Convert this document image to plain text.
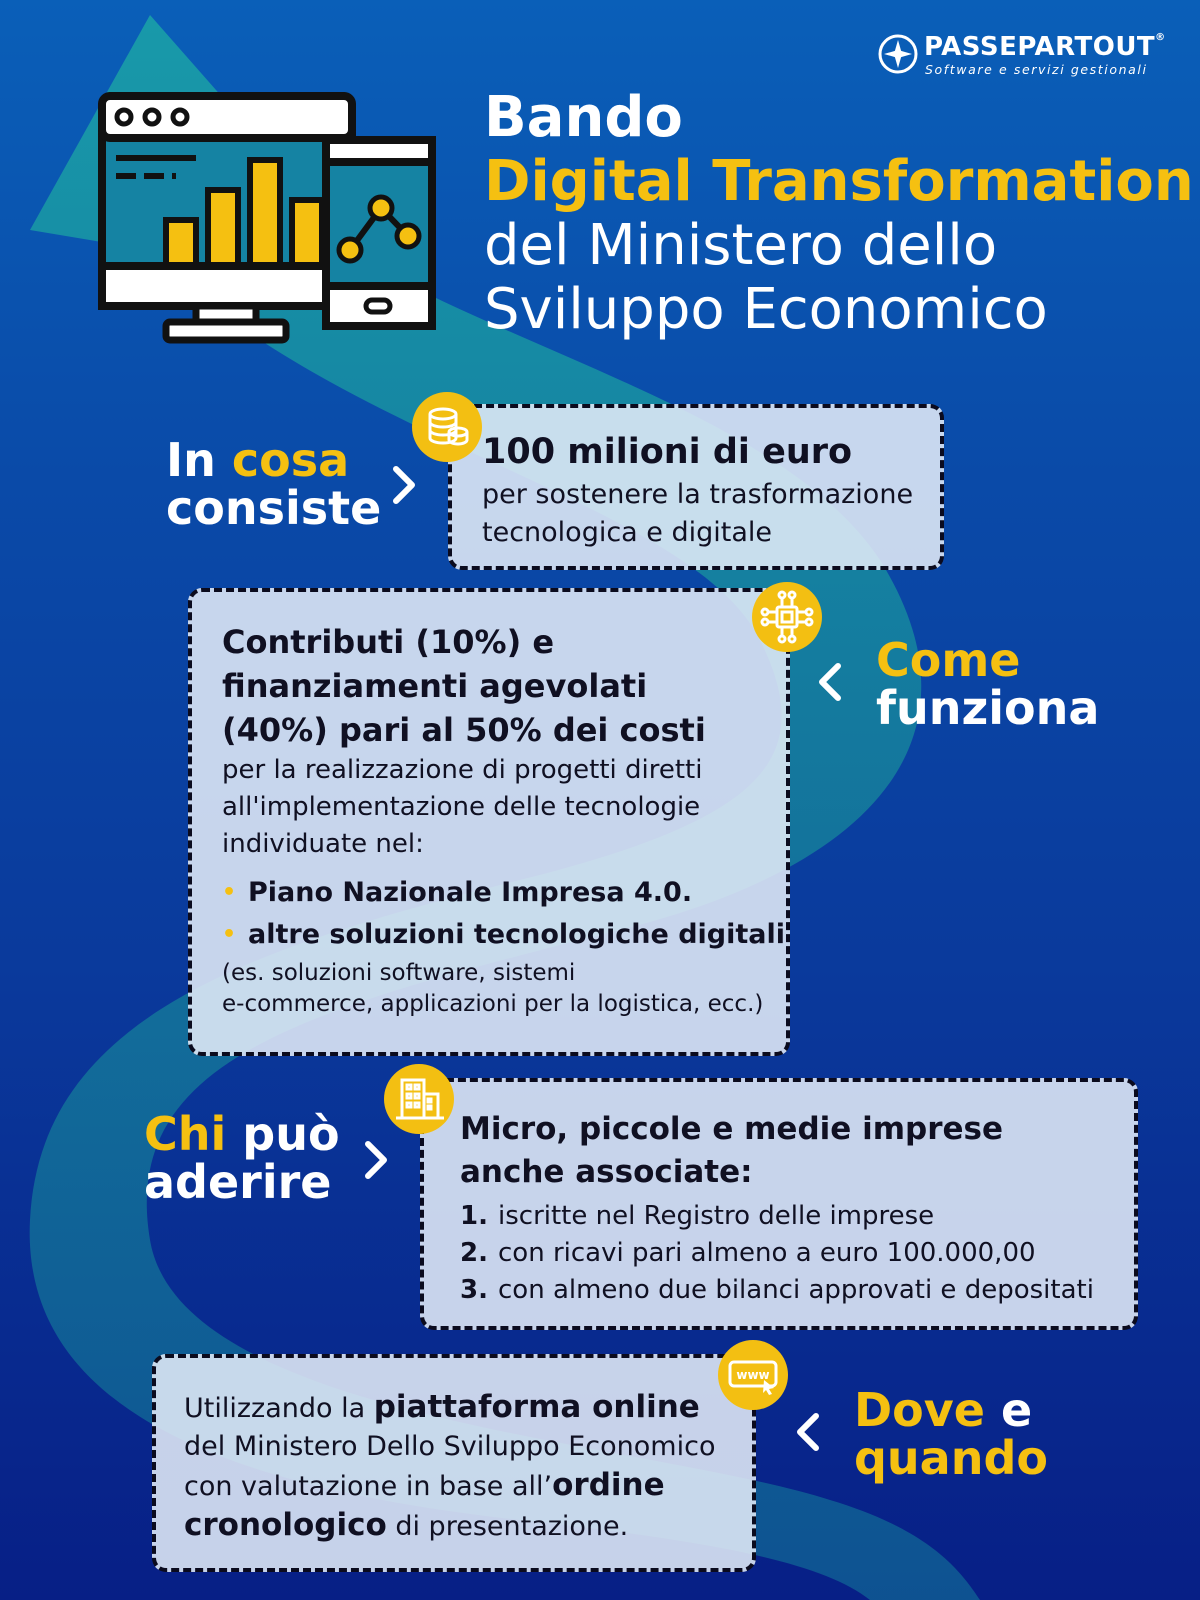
PASSEPARTOUT®
Software e servizi gestionali
Bando
Digital Transformation
del Ministero dello
Sviluppo Economico
In cosa
consiste
100 milioni di euro
per sostenere la trasformazione tecnologica e digitale
Contributi (10%) e finanziamenti agevolati (40%) pari al 50% dei costi
per la realizzazione di progetti diretti all'implementazione delle tecnologie individuate nel:
• Piano Nazionale Impresa 4.0.
• altre soluzioni tecnologiche digitali
(es. soluzioni software, sistemi
e-commerce, applicazioni per la logistica, ecc.)
Come
funziona
Chi può
aderire
Micro, piccole e medie imprese anche associate:
1. iscritte nel Registro delle imprese
2. con ricavi pari almeno a euro 100.000,00
3. con almeno due bilanci approvati e depositati
Utilizzando la piattaforma online del Ministero Dello Sviluppo Economico con valutazione in base all’ordine cronologico di presentazione.
www
Dove e
quando
